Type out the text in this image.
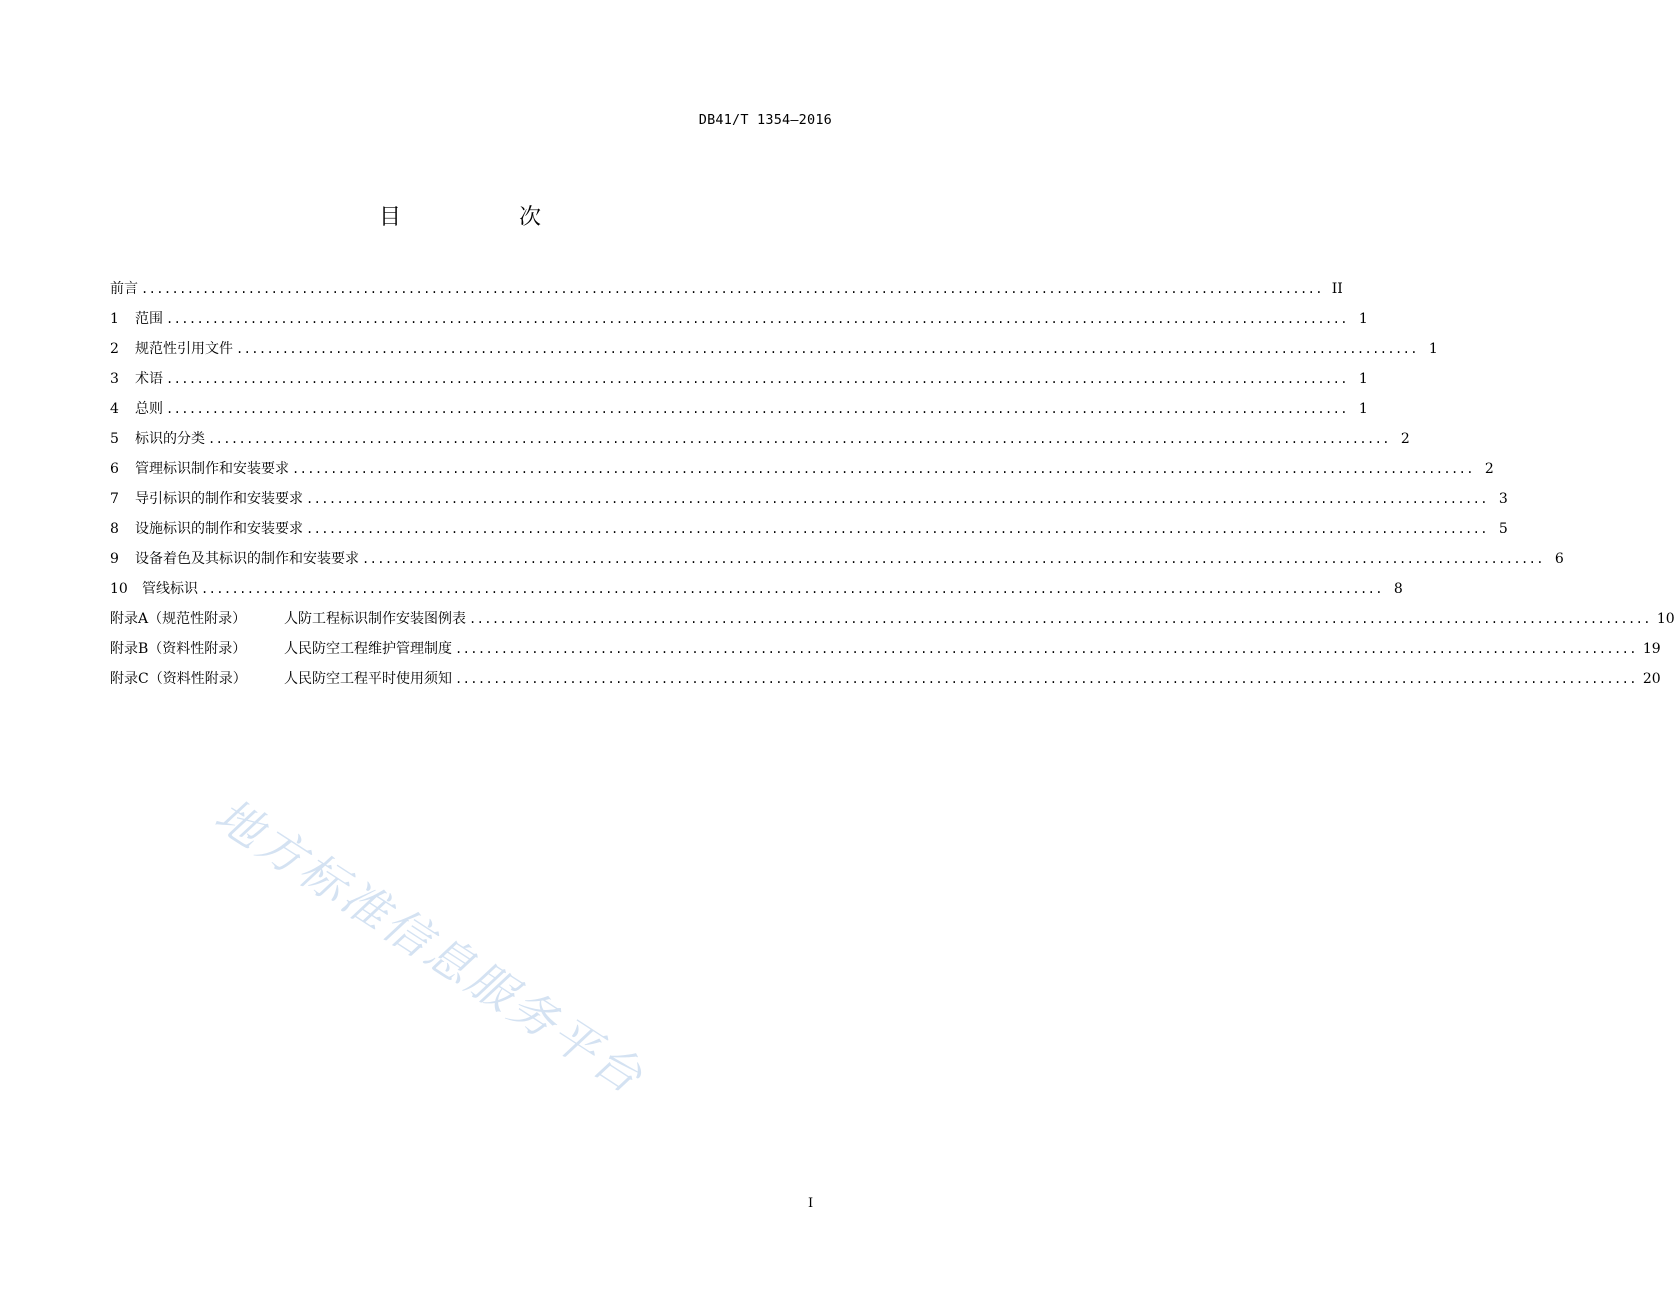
DB41/T 1354—2016
目　次
前言 ........................................................................................................................................................... II
1	范围 ........................................................................................................................................................... 1
2	规范性引用文件 ........................................................................................................................................................... 1
3	术语 ........................................................................................................................................................... 1
4	总则 ........................................................................................................................................................... 1
5	标识的分类 ........................................................................................................................................................... 2
6	管理标识制作和安装要求 ........................................................................................................................................................... 2
7	导引标识的制作和安装要求 ........................................................................................................................................................... 3
8	设施标识的制作和安装要求 ........................................................................................................................................................... 5
9	设备着色及其标识的制作和安装要求 ........................................................................................................................................................... 6
10	管线标识 ........................................................................................................................................................... 8
附录A（规范性附录）	人防工程标识制作安装图例表 ........................................................................................................................................................... 10
附录B（资料性附录）	人民防空工程维护管理制度 ........................................................................................................................................................... 19
附录C（资料性附录）	人民防空工程平时使用须知 ........................................................................................................................................................... 20
地方标准信息服务平台
I
